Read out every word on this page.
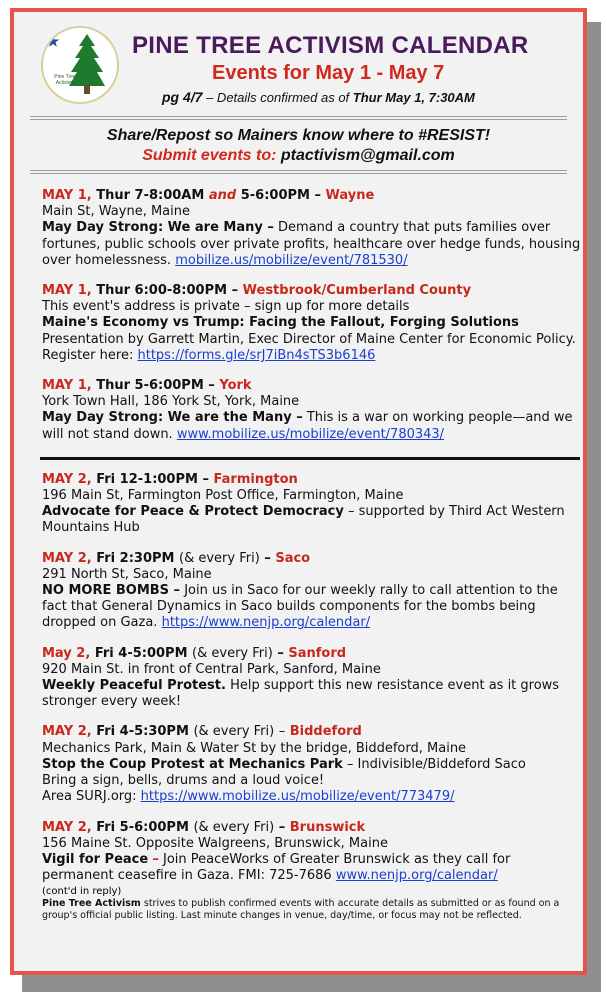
Pine Tree Activism
PINE TREE ACTIVISM CALENDAR
Events for May 1 - May 7
pg 4/7 – Details confirmed as of Thur May 1, 7:30AM
Share/Repost so Mainers know where to #RESIST!
Submit events to: ptactivism@gmail.com
MAY 1, Thur 7-8:00AM and 5-6:00PM – Wayne
Main St, Wayne, Maine
May Day Strong: We are Many – Demand a country that puts families over fortunes, public schools over private profits, healthcare over hedge funds, housing over homelessness. mobilize.us/mobilize/event/781530/
MAY 1, Thur 6:00-8:00PM – Westbrook/Cumberland County
This event's address is private – sign up for more details
Maine's Economy vs Trump: Facing the Fallout, Forging Solutions
Presentation by Garrett Martin, Exec Director of Maine Center for Economic Policy. Register here: https://forms.gle/srJ7iBn4sTS3b6146
MAY 1, Thur 5-6:00PM – York
York Town Hall, 186 York St, York, Maine
May Day Strong: We are the Many – This is a war on working people—and we will not stand down. www.mobilize.us/mobilize/event/780343/
MAY 2, Fri 12-1:00PM – Farmington
196 Main St, Farmington Post Office, Farmington, Maine
Advocate for Peace & Protect Democracy – supported by Third Act Western Mountains Hub
MAY 2, Fri 2:30PM (& every Fri) – Saco
291 North St, Saco, Maine
NO MORE BOMBS – Join us in Saco for our weekly rally to call attention to the fact that General Dynamics in Saco builds components for the bombs being dropped on Gaza. https://www.nenjp.org/calendar/
May 2, Fri 4-5:00PM (& every Fri) – Sanford
920 Main St. in front of Central Park, Sanford, Maine
Weekly Peaceful Protest. Help support this new resistance event as it grows stronger every week!
MAY 2, Fri 4-5:30PM (& every Fri) – Biddeford
Mechanics Park, Main & Water St by the bridge, Biddeford, Maine
Stop the Coup Protest at Mechanics Park – Indivisible/Biddeford Saco
Bring a sign, bells, drums and a loud voice!
Area SURJ.org: https://www.mobilize.us/mobilize/event/773479/
MAY 2, Fri 5-6:00PM (& every Fri) – Brunswick
156 Maine St. Opposite Walgreens, Brunswick, Maine
Vigil for Peace – Join PeaceWorks of Greater Brunswick as they call for permanent ceasefire in Gaza. FMI: 725-7686 www.nenjp.org/calendar/
(cont'd in reply)
Pine Tree Activism strives to publish confirmed events with accurate details as submitted or as found on a group's official public listing. Last minute changes in venue, day/time, or focus may not be reflected.
